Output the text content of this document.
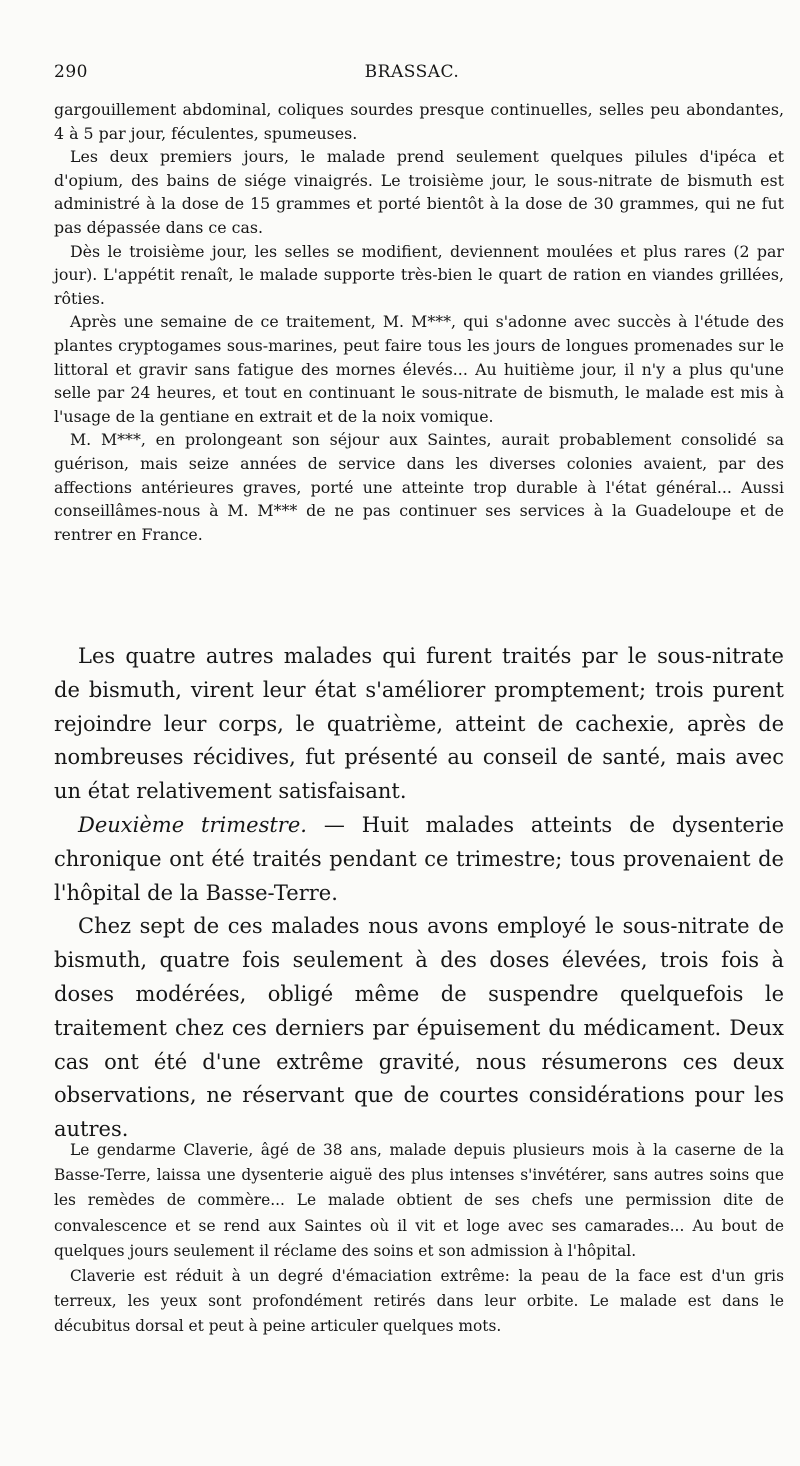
290	BRASSAC.

gargouillement abdominal, coliques sourdes presque continuelles, selles peu abondantes, 4 à 5 par jour, féculentes, spumeuses.

Les deux premiers jours, le malade prend seulement quelques pilules d'ipéca et d'opium, des bains de siége vinaigrés. Le troisième jour, le sous-nitrate de bismuth est administré à la dose de 15 grammes et porté bientôt à la dose de 30 grammes, qui ne fut pas dépassée dans ce cas.

Dès le troisième jour, les selles se modifient, deviennent moulées et plus rares (2 par jour). L'appétit renaît, le malade supporte très-bien le quart de ration en viandes grillées, rôties.

Après une semaine de ce traitement, M. M***, qui s'adonne avec succès à l'étude des plantes cryptogames sous-marines, peut faire tous les jours de longues promenades sur le littoral et gravir sans fatigue des mornes élevés... Au huitième jour, il n'y a plus qu'une selle par 24 heures, et tout en continuant le sous-nitrate de bismuth, le malade est mis à l'usage de la gentiane en extrait et de la noix vomique.

M. M***, en prolongeant son séjour aux Saintes, aurait probablement consolidé sa guérison, mais seize années de service dans les diverses colonies avaient, par des affections antérieures graves, porté une atteinte trop durable à l'état général... Aussi conseillâmes-nous à M. M*** de ne pas continuer ses services à la Guadeloupe et de rentrer en France.

Les quatre autres malades qui furent traités par le sous-nitrate de bismuth, virent leur état s'améliorer promptement; trois purent rejoindre leur corps, le quatrième, atteint de cachexie, après de nombreuses récidives, fut présenté au conseil de santé, mais avec un état relativement satisfaisant.

Deuxième trimestre. — Huit malades atteints de dysenterie chronique ont été traités pendant ce trimestre; tous provenaient de l'hôpital de la Basse-Terre.

Chez sept de ces malades nous avons employé le sous-nitrate de bismuth, quatre fois seulement à des doses élevées, trois fois à doses modérées, obligé même de suspendre quelquefois le traitement chez ces derniers par épuisement du médicament. Deux cas ont été d'une extrême gravité, nous résumerons ces deux observations, ne réservant que de courtes considérations pour les autres.

Le gendarme Claverie, âgé de 38 ans, malade depuis plusieurs mois à la caserne de la Basse-Terre, laissa une dysenterie aiguë des plus intenses s'invétérer, sans autres soins que les remèdes de commère... Le malade obtient de ses chefs une permission dite de convalescence et se rend aux Saintes où il vit et loge avec ses camarades... Au bout de quelques jours seulement il réclame des soins et son admission à l'hôpital.

Claverie est réduit à un degré d'émaciation extrême: la peau de la face est d'un gris terreux, les yeux sont profondément retirés dans leur orbite. Le malade est dans le décubitus dorsal et peut à peine articuler quelques mots.
